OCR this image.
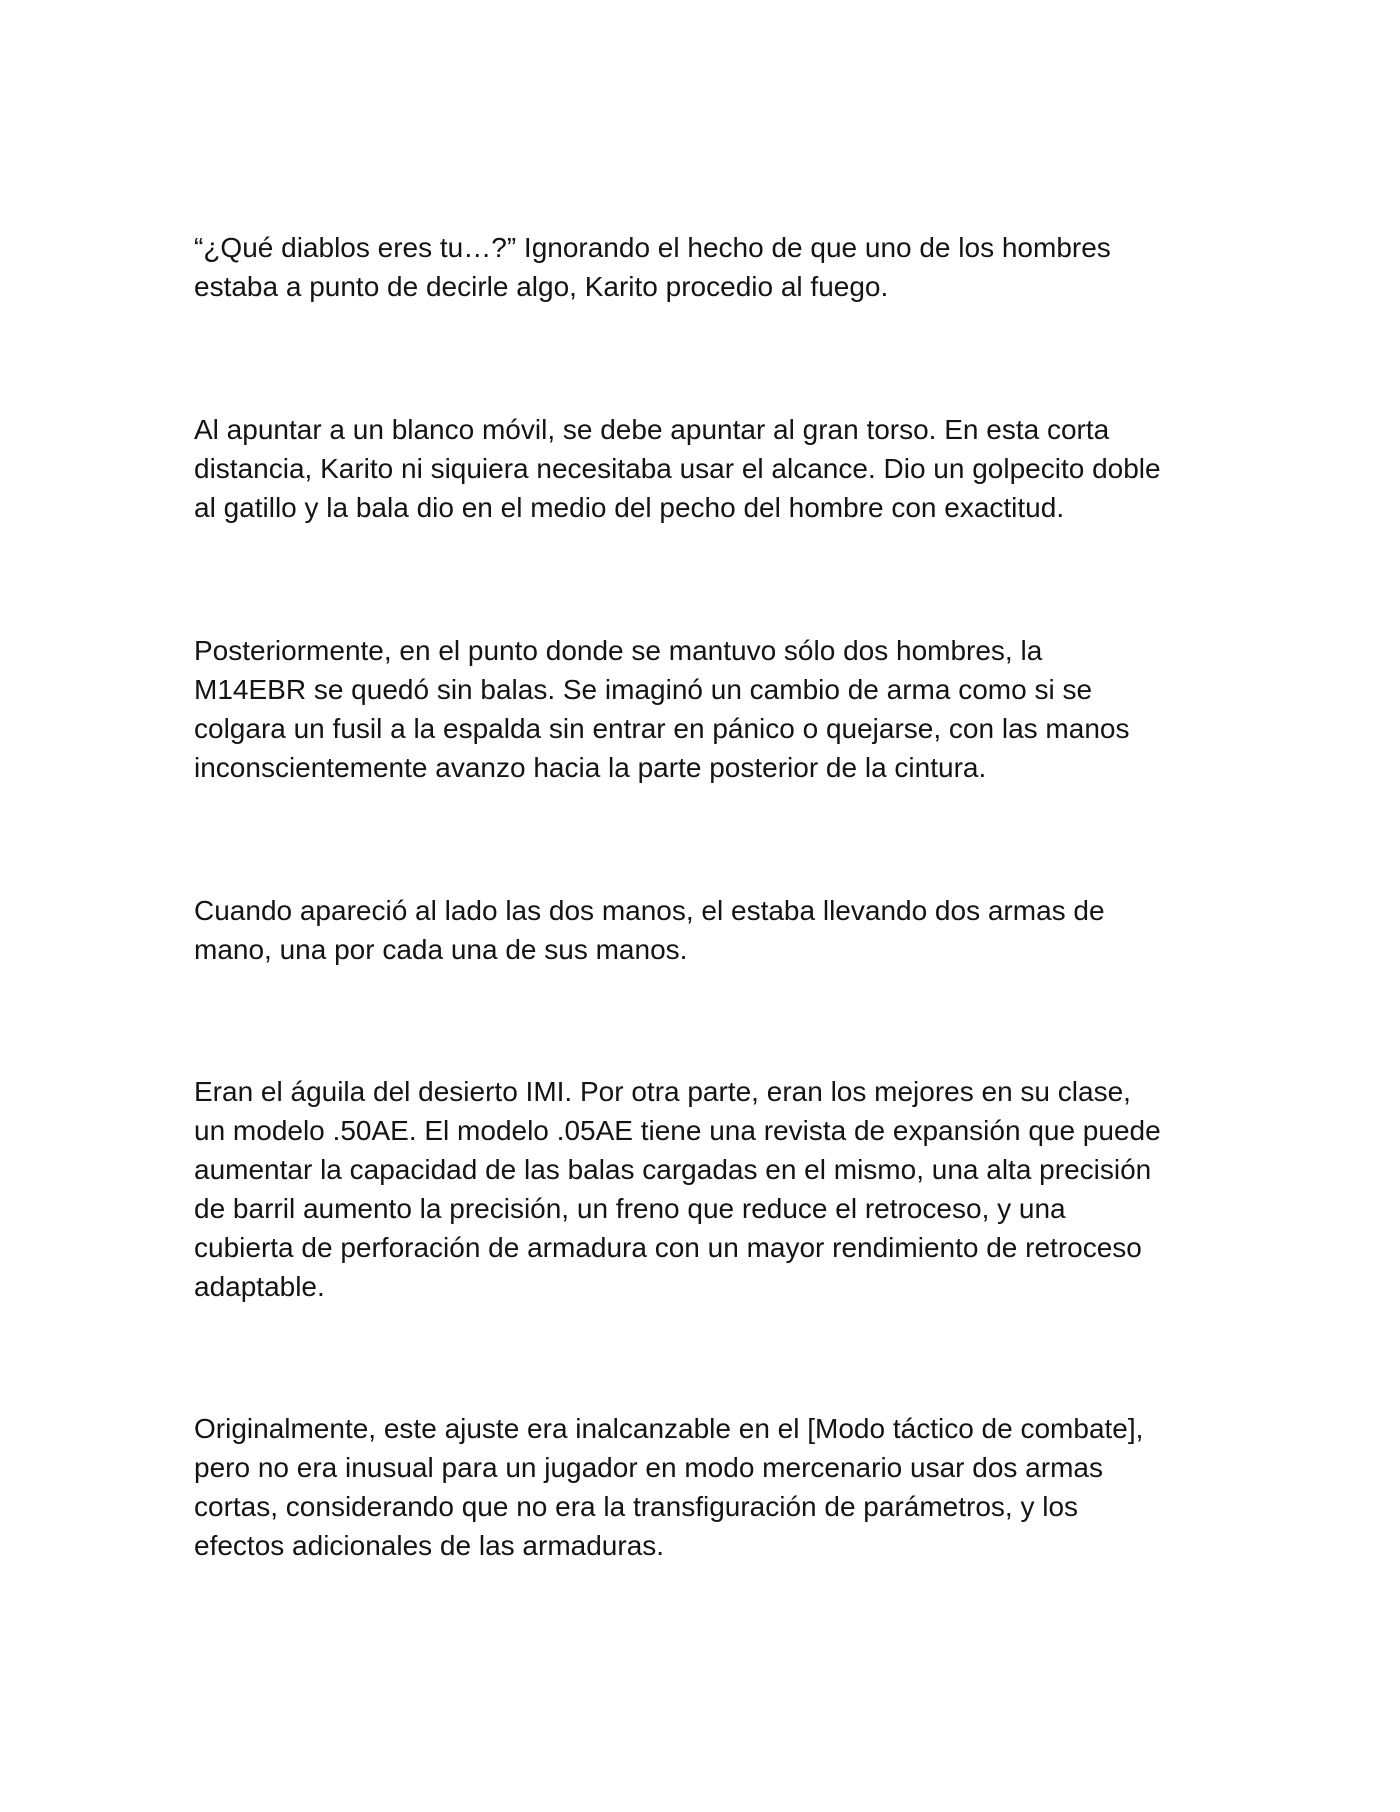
“¿Qué diablos eres tu…?” Ignorando el hecho de que uno de los hombres
estaba a punto de decirle algo, Karito procedio al fuego.

Al apuntar a un blanco móvil, se debe apuntar al gran torso. En esta corta
distancia, Karito ni siquiera necesitaba usar el alcance. Dio un golpecito doble
al gatillo y la bala dio en el medio del pecho del hombre con exactitud.

Posteriormente, en el punto donde se mantuvo sólo dos hombres, la
M14EBR se quedó sin balas. Se imaginó un cambio de arma como si se
colgara un fusil a la espalda sin entrar en pánico o quejarse, con las manos
inconscientemente avanzo hacia la parte posterior de la cintura.

Cuando apareció al lado las dos manos, el estaba llevando dos armas de
mano, una por cada una de sus manos.

Eran el águila del desierto IMI. Por otra parte, eran los mejores en su clase,
un modelo .50AE. El modelo .05AE tiene una revista de expansión que puede
aumentar la capacidad de las balas cargadas en el mismo, una alta precisión
de barril aumento la precisión, un freno que reduce el retroceso, y una
cubierta de perforación de armadura con un mayor rendimiento de retroceso
adaptable.

Originalmente, este ajuste era inalcanzable en el [Modo táctico de combate],
pero no era inusual para un jugador en modo mercenario usar dos armas
cortas, considerando que no era la transfiguración de parámetros, y los
efectos adicionales de las armaduras.
